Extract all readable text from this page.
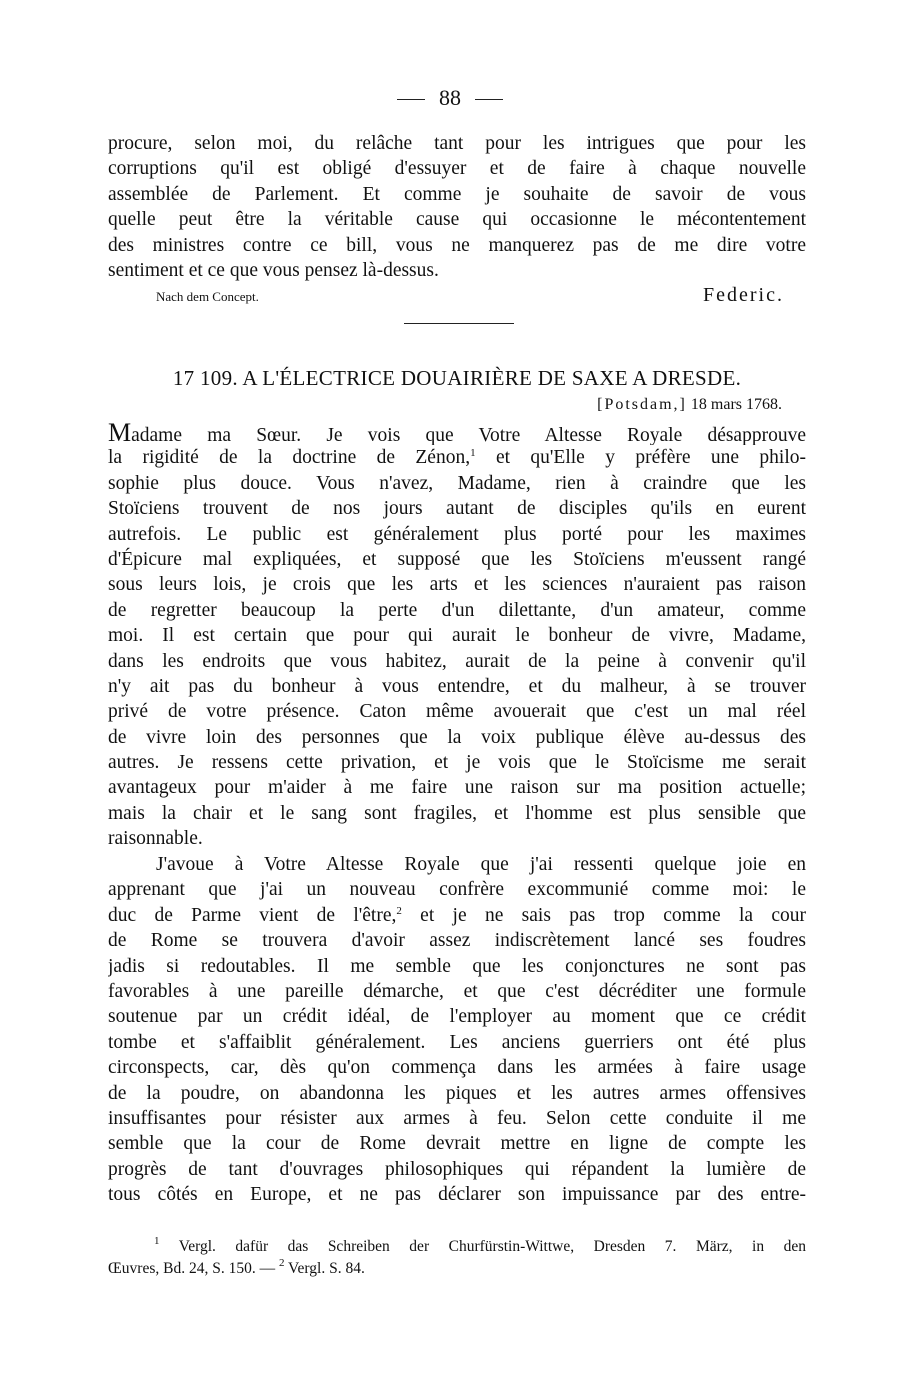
88
procure, selon moi, du relâche tant pour les intrigues que pour les
corruptions qu'il est obligé d'essuyer et de faire à chaque nouvelle
assemblée de Parlement. Et comme je souhaite de savoir de vous
quelle peut être la véritable cause qui occasionne le mécontentement
des ministres contre ce bill, vous ne manquerez pas de me dire votre
sentiment et ce que vous pensez là-dessus.
Nach dem Concept.	Federic.
17 109. A L'ÉLECTRICE DOUAIRIÈRE DE SAXE A DRESDE.
[Potsdam,] 18 mars 1768.
Madame ma Sœur. Je vois que Votre Altesse Royale désapprouve
la rigidité de la doctrine de Zénon,$^1$ et qu'Elle y préfère une philo-
sophie plus douce. Vous n'avez, Madame, rien à craindre que les
Stoïciens trouvent de nos jours autant de disciples qu'ils en eurent
autrefois. Le public est généralement plus porté pour les maximes
d'Épicure mal expliquées, et supposé que les Stoïciens m'eussent rangé
sous leurs lois, je crois que les arts et les sciences n'auraient pas raison
de regretter beaucoup la perte d'un dilettante, d'un amateur, comme
moi. Il est certain que pour qui aurait le bonheur de vivre, Madame,
dans les endroits que vous habitez, aurait de la peine à convenir qu'il
n'y ait pas du bonheur à vous entendre, et du malheur, à se trouver
privé de votre présence. Caton même avouerait que c'est un mal réel
de vivre loin des personnes que la voix publique élève au-dessus des
autres. Je ressens cette privation, et je vois que le Stoïcisme me serait
avantageux pour m'aider à me faire une raison sur ma position actuelle;
mais la chair et le sang sont fragiles, et l'homme est plus sensible que
raisonnable.
J'avoue à Votre Altesse Royale que j'ai ressenti quelque joie en
apprenant que j'ai un nouveau confrère excommunié comme moi: le
duc de Parme vient de l'être,$^2$ et je ne sais pas trop comme la cour
de Rome se trouvera d'avoir assez indiscrètement lancé ses foudres
jadis si redoutables. Il me semble que les conjonctures ne sont pas
favorables à une pareille démarche, et que c'est décréditer une formule
soutenue par un crédit idéal, de l'employer au moment que ce crédit
tombe et s'affaiblit généralement. Les anciens guerriers ont été plus
circonspects, car, dès qu'on commença dans les armées à faire usage
de la poudre, on abandonna les piques et les autres armes offensives
insuffisantes pour résister aux armes à feu. Selon cette conduite il me
semble que la cour de Rome devrait mettre en ligne de compte les
progrès de tant d'ouvrages philosophiques qui répandent la lumière de
tous côtés en Europe, et ne pas déclarer son impuissance par des entre-
$^1$ Vergl. dafür das Schreiben der Churfürstin-Wittwe, Dresden 7. März, in den
Œuvres, Bd. 24, S. 150. — $^2$ Vergl. S. 84.
